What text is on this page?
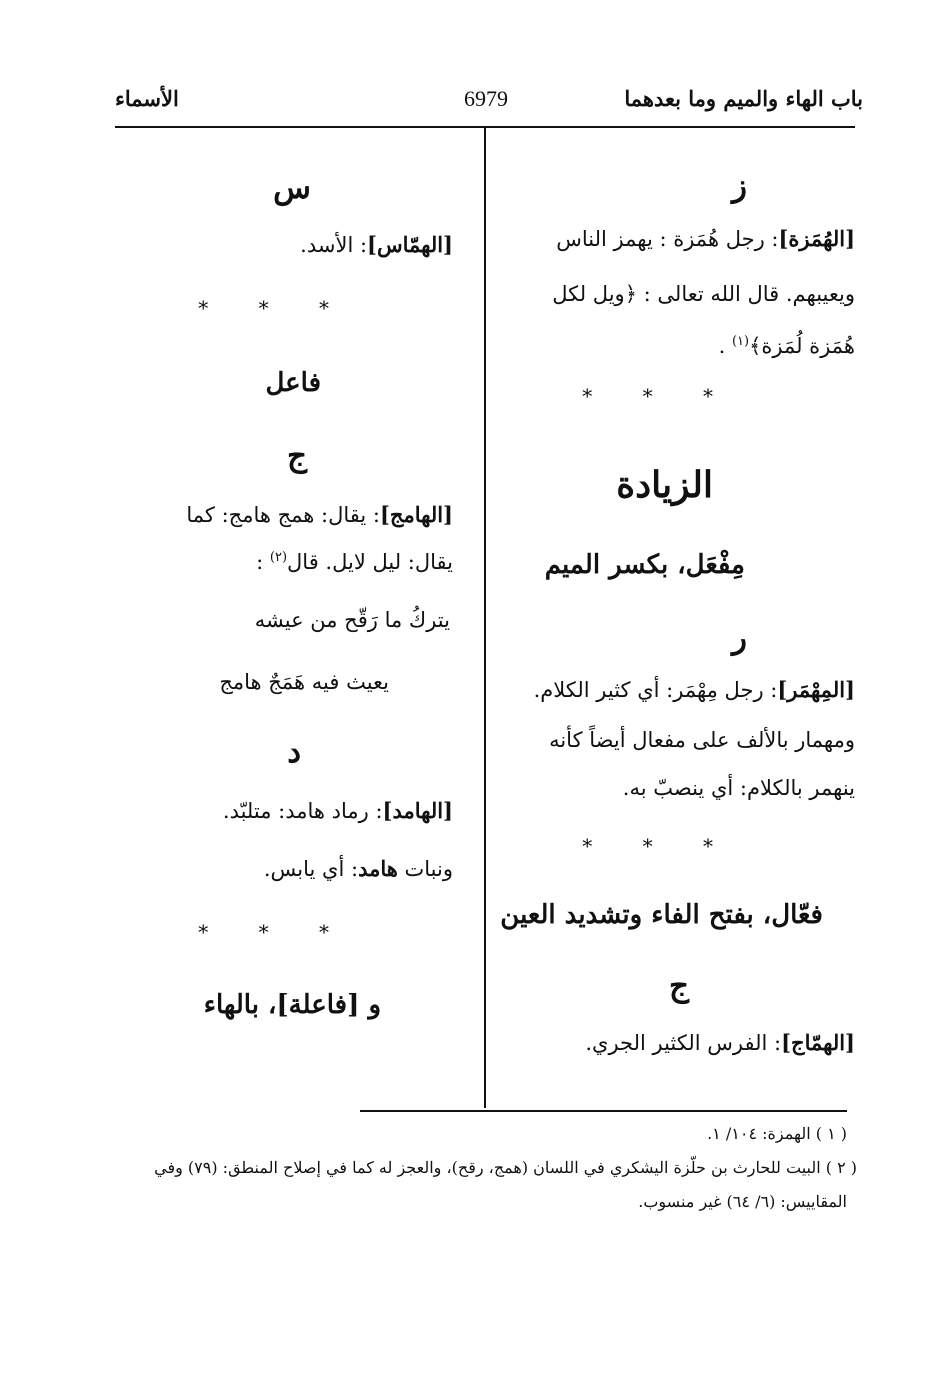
باب الهاء والميم وما بعدهما
6979
الأسماء
ز
[الهُمَزة]: رجل هُمَزة : يهمز الناس
ويعيبهم. قال الله تعالى : ﴿ويل لكل
هُمَزة لُمَزة﴾$^{(١)}$ .
* * *
الزيادة
مِفْعَل، بكسر الميم
ر
[المِهْمَر]: رجل مِهْمَر: أي كثير الكلام.
ومهمار بالألف على مفعال أيضاً كأنه
ينهمر بالكلام: أي ينصبّ به.
* * *
فعّال، بفتح الفاء وتشديد العين
ج
[الهمّاج]: الفرس الكثير الجري.
س
[الهمّاس]: الأسد.
* * *
فاعل
ج
[الهامج]: يقال: همج هامج: كما
يقال: ليل لايل. قال$^{(٢)}$ :
يتركُ ما رَقّح من عيشه
يعيث فيه هَمَجٌ هامج
د
[الهامد]: رماد هامد: متلبّد.
ونبات هامد: أي يابس.
* * *
و [فاعلة]، بالهاء
( ١ ) الهمزة: ١٠٤/ ١.
( ٢ ) البيت للحارث بن حلّزة اليشكري في اللسان (همج، رقح)، والعجز له كما في إصلاح المنطق: (٧٩) وفي
المقاييس: (٦/ ٦٤) غير منسوب.
